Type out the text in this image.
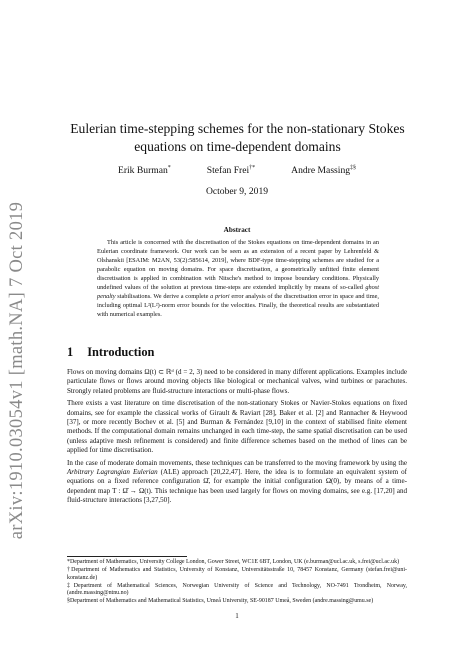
arXiv:1910.03054v1 [math.NA] 7 Oct 2019
Eulerian time-stepping schemes for the non-stationary Stokes
equations on time-dependent domains
Erik Burman*	Stefan Frei†*	Andre Massing‡§
October 9, 2019
Abstract
This article is concerned with the discretisation of the Stokes equations on time-dependent domains in an Eulerian coordinate framework. Our work can be seen as an extension of a recent paper by Lehrenfeld & Olshanskii [ESAIM: M2AN, 53(2):585614, 2019], where BDF-type time-stepping schemes are studied for a parabolic equation on moving domains. For space discretisation, a geometrically unfitted finite element discretisation is applied in combination with Nitsche's method to impose boundary conditions. Physically undefined values of the solution at previous time-steps are extended implicitly by means of so-called ghost penalty stabilisations. We derive a complete a priori error analysis of the discretisation error in space and time, including optimal L²(L²)-norm error bounds for the velocities. Finally, the theoretical results are substantiated with numerical examples.
1 Introduction

Flows on moving domains Ω(t) ⊂ ℝᵈ (d = 2, 3) need to be considered in many different applications. Examples include particulate flows or flows around moving objects like biological or mechanical valves, wind turbines or parachutes. Strongly related problems are fluid-structure interactions or multi-phase flows.

There exists a vast literature on time discretisation of the non-stationary Stokes or Navier-Stokes equations on fixed domains, see for example the classical works of Girault & Raviart [28], Baker et al. [2] and Rannacher & Heywood [37], or more recently Bochev et al. [5] and Burman & Fernández [9,10] in the context of stabilised finite element methods. If the computational domain remains unchanged in each time-step, the same spatial discretisation can be used (unless adaptive mesh refinement is considered) and finite difference schemes based on the method of lines can be applied for time discretisation.

In the case of moderate domain movements, these techniques can be transferred to the moving framework by using the Arbitrary Lagrangian Eulerian (ALE) approach [20,22,47]. Here, the idea is to formulate an equivalent system of equations on a fixed reference configuration Ω̂, for example the initial configuration Ω(0), by means of a time-dependent map T : Ω̂ → Ω(t). This technique has been used largely for flows on moving domains, see e.g. [17,20] and fluid-structure interactions [3,27,50].

*Department of Mathematics, University College London, Gower Street, WC1E 6BT, London, UK (e.burman@ucl.ac.uk, s.frei@ucl.ac.uk)

†Department of Mathematics and Statistics, University of Konstanz, Universitätsstraße 10, 78457 Konstanz, Germany (stefan.frei@uni-konstanz.de)

‡Department of Mathematical Sciences, Norwegian University of Science and Technology, NO-7491 Trondheim, Norway, (andre.massing@ntnu.no)

§Department of Mathematics and Mathematical Statistics, Umeå University, SE-90187 Umeå, Sweden (andre.massing@umu.se)

1
